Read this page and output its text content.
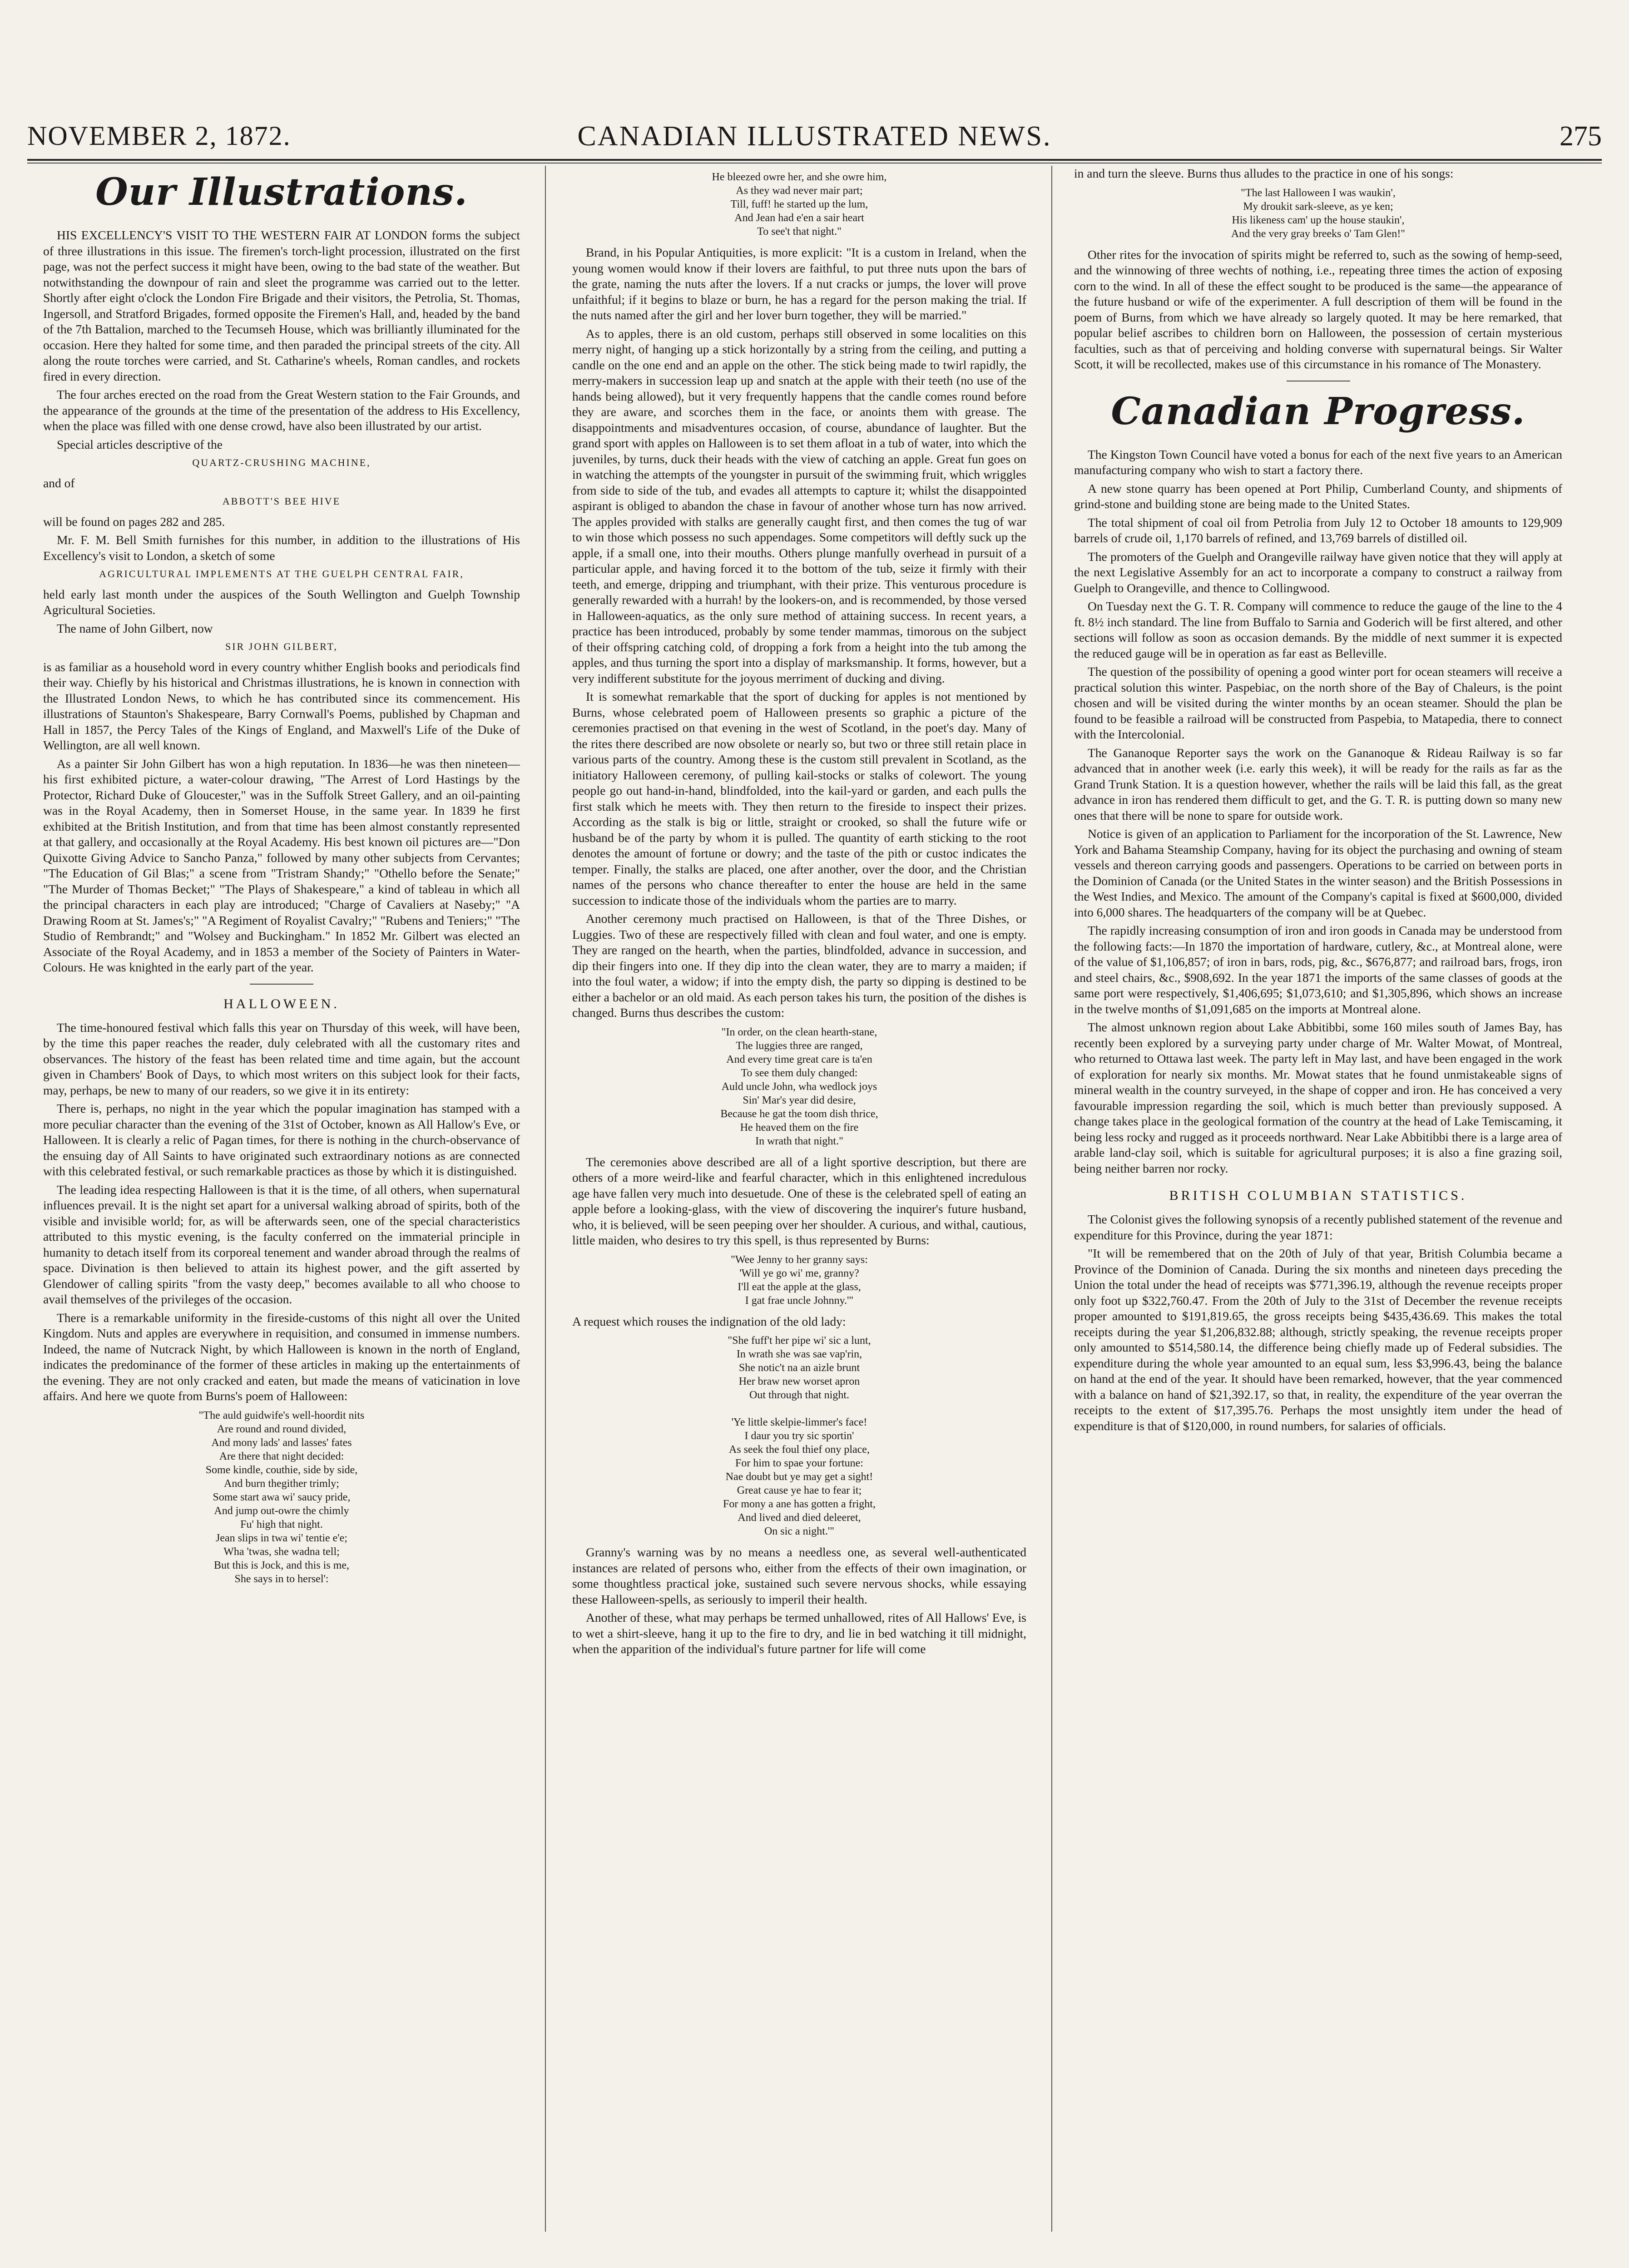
NOVEMBER 2, 1872.	CANADIAN ILLUSTRATED NEWS.	275
Our Illustrations.

HIS EXCELLENCY'S VISIT TO THE WESTERN FAIR AT LONDON forms the subject of three illustrations in this issue. The firemen's torch-light procession, illustrated on the first page, was not the perfect success it might have been, owing to the bad state of the weather. But notwithstanding the downpour of rain and sleet the programme was carried out to the letter. Shortly after eight o'clock the London Fire Brigade and their visitors, the Petrolia, St. Thomas, Ingersoll, and Stratford Brigades, formed opposite the Firemen's Hall, and, headed by the band of the 7th Battalion, marched to the Tecumseh House, which was brilliantly illuminated for the occasion. Here they halted for some time, and then paraded the principal streets of the city. All along the route torches were carried, and St. Catharine's wheels, Roman candles, and rockets fired in every direction.

The four arches erected on the road from the Great Western station to the Fair Grounds, and the appearance of the grounds at the time of the presentation of the address to His Excellency, when the place was filled with one dense crowd, have also been illustrated by our artist.

Special articles descriptive of the

QUARTZ-CRUSHING MACHINE,

and of

ABBOTT'S BEE HIVE

will be found on pages 282 and 285.

Mr. F. M. Bell Smith furnishes for this number, in addition to the illustrations of His Excellency's visit to London, a sketch of some

AGRICULTURAL IMPLEMENTS AT THE GUELPH CENTRAL FAIR,

held early last month under the auspices of the South Wellington and Guelph Township Agricultural Societies.

The name of John Gilbert, now

SIR JOHN GILBERT,

is as familiar as a household word in every country whither English books and periodicals find their way. Chiefly by his historical and Christmas illustrations, he is known in connection with the Illustrated London News, to which he has contributed since its commencement. His illustrations of Staunton's Shakespeare, Barry Cornwall's Poems, published by Chapman and Hall in 1857, the Percy Tales of the Kings of England, and Maxwell's Life of the Duke of Wellington, are all well known.

As a painter Sir John Gilbert has won a high reputation. In 1836—he was then nineteen—his first exhibited picture, a water-colour drawing, "The Arrest of Lord Hastings by the Protector, Richard Duke of Gloucester," was in the Suffolk Street Gallery, and an oil-painting was in the Royal Academy, then in Somerset House, in the same year. In 1839 he first exhibited at the British Institution, and from that time has been almost constantly represented at that gallery, and occasionally at the Royal Academy. His best known oil pictures are—"Don Quixotte Giving Advice to Sancho Panza," followed by many other subjects from Cervantes; "The Education of Gil Blas;" a scene from "Tristram Shandy;" "Othello before the Senate;" "The Murder of Thomas Becket;" "The Plays of Shakespeare," a kind of tableau in which all the principal characters in each play are introduced; "Charge of Cavaliers at Naseby;" "A Drawing Room at St. James's;" "A Regiment of Royalist Cavalry;" "Rubens and Teniers;" "The Studio of Rembrandt;" and "Wolsey and Buckingham." In 1852 Mr. Gilbert was elected an Associate of the Royal Academy, and in 1853 a member of the Society of Painters in Water-Colours. He was knighted in the early part of the year.

HALLOWEEN.

The time-honoured festival which falls this year on Thursday of this week, will have been, by the time this paper reaches the reader, duly celebrated with all the customary rites and observances. The history of the feast has been related time and time again, but the account given in Chambers' Book of Days, to which most writers on this subject look for their facts, may, perhaps, be new to many of our readers, so we give it in its entirety:

There is, perhaps, no night in the year which the popular imagination has stamped with a more peculiar character than the evening of the 31st of October, known as All Hallow's Eve, or Halloween. It is clearly a relic of Pagan times, for there is nothing in the church-observance of the ensuing day of All Saints to have originated such extraordinary notions as are connected with this celebrated festival, or such remarkable practices as those by which it is distinguished.

The leading idea respecting Halloween is that it is the time, of all others, when supernatural influences prevail. It is the night set apart for a universal walking abroad of spirits, both of the visible and invisible world; for, as will be afterwards seen, one of the special characteristics attributed to this mystic evening, is the faculty conferred on the immaterial principle in humanity to detach itself from its corporeal tenement and wander abroad through the realms of space. Divination is then believed to attain its highest power, and the gift asserted by Glendower of calling spirits "from the vasty deep," becomes available to all who choose to avail themselves of the privileges of the occasion.

There is a remarkable uniformity in the fireside-customs of this night all over the United Kingdom. Nuts and apples are everywhere in requisition, and consumed in immense numbers. Indeed, the name of Nutcrack Night, by which Halloween is known in the north of England, indicates the predominance of the former of these articles in making up the entertainments of the evening. They are not only cracked and eaten, but made the means of vaticination in love affairs. And here we quote from Burns's poem of Halloween:

"The auld guidwife's well-hoordit nits
Are round and round divided,
And mony lads' and lasses' fates
Are there that night decided:
Some kindle, couthie, side by side,
And burn thegither trimly;
Some start awa wi' saucy pride,
And jump out-owre the chimly
Fu' high that night.
Jean slips in twa wi' tentie e'e;
Wha 'twas, she wadna tell;
But this is Jock, and this is me,
She says in to hersel':
He bleezed owre her, and she owre him,
As they wad never mair part;
Till, fuff! he started up the lum,
And Jean had e'en a sair heart
To see't that night."

Brand, in his Popular Antiquities, is more explicit: "It is a custom in Ireland, when the young women would know if their lovers are faithful, to put three nuts upon the bars of the grate, naming the nuts after the lovers. If a nut cracks or jumps, the lover will prove unfaithful; if it begins to blaze or burn, he has a regard for the person making the trial. If the nuts named after the girl and her lover burn together, they will be married."

As to apples, there is an old custom, perhaps still observed in some localities on this merry night, of hanging up a stick horizontally by a string from the ceiling, and putting a candle on the one end and an apple on the other. The stick being made to twirl rapidly, the merry-makers in succession leap up and snatch at the apple with their teeth (no use of the hands being allowed), but it very frequently happens that the candle comes round before they are aware, and scorches them in the face, or anoints them with grease. The disappointments and misadventures occasion, of course, abundance of laughter. But the grand sport with apples on Halloween is to set them afloat in a tub of water, into which the juveniles, by turns, duck their heads with the view of catching an apple. Great fun goes on in watching the attempts of the youngster in pursuit of the swimming fruit, which wriggles from side to side of the tub, and evades all attempts to capture it; whilst the disappointed aspirant is obliged to abandon the chase in favour of another whose turn has now arrived. The apples provided with stalks are generally caught first, and then comes the tug of war to win those which possess no such appendages. Some competitors will deftly suck up the apple, if a small one, into their mouths. Others plunge manfully overhead in pursuit of a particular apple, and having forced it to the bottom of the tub, seize it firmly with their teeth, and emerge, dripping and triumphant, with their prize. This venturous procedure is generally rewarded with a hurrah! by the lookers-on, and is recommended, by those versed in Halloween-aquatics, as the only sure method of attaining success. In recent years, a practice has been introduced, probably by some tender mammas, timorous on the subject of their offspring catching cold, of dropping a fork from a height into the tub among the apples, and thus turning the sport into a display of marksmanship. It forms, however, but a very indifferent substitute for the joyous merriment of ducking and diving.

It is somewhat remarkable that the sport of ducking for apples is not mentioned by Burns, whose celebrated poem of Halloween presents so graphic a picture of the ceremonies practised on that evening in the west of Scotland, in the poet's day. Many of the rites there described are now obsolete or nearly so, but two or three still retain place in various parts of the country. Among these is the custom still prevalent in Scotland, as the initiatory Halloween ceremony, of pulling kail-stocks or stalks of colewort. The young people go out hand-in-hand, blindfolded, into the kail-yard or garden, and each pulls the first stalk which he meets with. They then return to the fireside to inspect their prizes. According as the stalk is big or little, straight or crooked, so shall the future wife or husband be of the party by whom it is pulled. The quantity of earth sticking to the root denotes the amount of fortune or dowry; and the taste of the pith or custoc indicates the temper. Finally, the stalks are placed, one after another, over the door, and the Christian names of the persons who chance thereafter to enter the house are held in the same succession to indicate those of the individuals whom the parties are to marry.

Another ceremony much practised on Halloween, is that of the Three Dishes, or Luggies. Two of these are respectively filled with clean and foul water, and one is empty. They are ranged on the hearth, when the parties, blindfolded, advance in succession, and dip their fingers into one. If they dip into the clean water, they are to marry a maiden; if into the foul water, a widow; if into the empty dish, the party so dipping is destined to be either a bachelor or an old maid. As each person takes his turn, the position of the dishes is changed. Burns thus describes the custom:

"In order, on the clean hearth-stane,
The luggies three are ranged,
And every time great care is ta'en
To see them duly changed:
Auld uncle John, wha wedlock joys
Sin' Mar's year did desire,
Because he gat the toom dish thrice,
He heaved them on the fire
In wrath that night."

The ceremonies above described are all of a light sportive description, but there are others of a more weird-like and fearful character, which in this enlightened incredulous age have fallen very much into desuetude. One of these is the celebrated spell of eating an apple before a looking-glass, with the view of discovering the inquirer's future husband, who, it is believed, will be seen peeping over her shoulder. A curious, and withal, cautious, little maiden, who desires to try this spell, is thus represented by Burns:

"Wee Jenny to her granny says:
'Will ye go wi' me, granny?
I'll eat the apple at the glass,
I gat frae uncle Johnny.'"

A request which rouses the indignation of the old lady:

"She fuff't her pipe wi' sic a lunt,
In wrath she was sae vap'rin,
She notic't na an aizle brunt
Her braw new worset apron
Out through that night.

'Ye little skelpie-limmer's face!
I daur you try sic sportin'
As seek the foul thief ony place,
For him to spae your fortune:
Nae doubt but ye may get a sight!
Great cause ye hae to fear it;
For mony a ane has gotten a fright,
And lived and died deleeret,
On sic a night.'"

Granny's warning was by no means a needless one, as several well-authenticated instances are related of persons who, either from the effects of their own imagination, or some thoughtless practical joke, sustained such severe nervous shocks, while essaying these Halloween-spells, as seriously to imperil their health.

Another of these, what may perhaps be termed unhallowed, rites of All Hallows' Eve, is to wet a shirt-sleeve, hang it up to the fire to dry, and lie in bed watching it till midnight, when the apparition of the individual's future partner for life will come

in and turn the sleeve. Burns thus alludes to the practice in one of his songs:

"The last Halloween I was waukin',
My droukit sark-sleeve, as ye ken;
His likeness cam' up the house staukin',
And the very gray breeks o' Tam Glen!"

Other rites for the invocation of spirits might be referred to, such as the sowing of hemp-seed, and the winnowing of three wechts of nothing, i.e., repeating three times the action of exposing corn to the wind. In all of these the effect sought to be produced is the same—the appearance of the future husband or wife of the experimenter. A full description of them will be found in the poem of Burns, from which we have already so largely quoted. It may be here remarked, that popular belief ascribes to children born on Halloween, the possession of certain mysterious faculties, such as that of perceiving and holding converse with supernatural beings. Sir Walter Scott, it will be recollected, makes use of this circumstance in his romance of The Monastery.

Canadian Progress.

The Kingston Town Council have voted a bonus for each of the next five years to an American manufacturing company who wish to start a factory there.

A new stone quarry has been opened at Port Philip, Cumberland County, and shipments of grind-stone and building stone are being made to the United States.

The total shipment of coal oil from Petrolia from July 12 to October 18 amounts to 129,909 barrels of crude oil, 1,170 barrels of refined, and 13,769 barrels of distilled oil.

The promoters of the Guelph and Orangeville railway have given notice that they will apply at the next Legislative Assembly for an act to incorporate a company to construct a railway from Guelph to Orangeville, and thence to Collingwood.

On Tuesday next the G. T. R. Company will commence to reduce the gauge of the line to the 4 ft. 8½ inch standard. The line from Buffalo to Sarnia and Goderich will be first altered, and other sections will follow as soon as occasion demands. By the middle of next summer it is expected the reduced gauge will be in operation as far east as Belleville.

The question of the possibility of opening a good winter port for ocean steamers will receive a practical solution this winter. Paspebiac, on the north shore of the Bay of Chaleurs, is the point chosen and will be visited during the winter months by an ocean steamer. Should the plan be found to be feasible a railroad will be constructed from Paspebia, to Matapedia, there to connect with the Intercolonial.

The Gananoque Reporter says the work on the Gananoque & Rideau Railway is so far advanced that in another week (i.e. early this week), it will be ready for the rails as far as the Grand Trunk Station. It is a question however, whether the rails will be laid this fall, as the great advance in iron has rendered them difficult to get, and the G. T. R. is putting down so many new ones that there will be none to spare for outside work.

Notice is given of an application to Parliament for the incorporation of the St. Lawrence, New York and Bahama Steamship Company, having for its object the purchasing and owning of steam vessels and thereon carrying goods and passengers. Operations to be carried on between ports in the Dominion of Canada (or the United States in the winter season) and the British Possessions in the West Indies, and Mexico. The amount of the Company's capital is fixed at $600,000, divided into 6,000 shares. The headquarters of the company will be at Quebec.

The rapidly increasing consumption of iron and iron goods in Canada may be understood from the following facts:—In 1870 the importation of hardware, cutlery, &c., at Montreal alone, were of the value of $1,106,857; of iron in bars, rods, pig, &c., $676,877; and railroad bars, frogs, iron and steel chairs, &c., $908,692. In the year 1871 the imports of the same classes of goods at the same port were respectively, $1,406,695; $1,073,610; and $1,305,896, which shows an increase in the twelve months of $1,091,685 on the imports at Montreal alone.

The almost unknown region about Lake Abbitibbi, some 160 miles south of James Bay, has recently been explored by a surveying party under charge of Mr. Walter Mowat, of Montreal, who returned to Ottawa last week. The party left in May last, and have been engaged in the work of exploration for nearly six months. Mr. Mowat states that he found unmistakeable signs of mineral wealth in the country surveyed, in the shape of copper and iron. He has conceived a very favourable impression regarding the soil, which is much better than previously supposed. A change takes place in the geological formation of the country at the head of Lake Temiscaming, it being less rocky and rugged as it proceeds northward. Near Lake Abbitibbi there is a large area of arable land-clay soil, which is suitable for agricultural purposes; it is also a fine grazing soil, being neither barren nor rocky.

BRITISH COLUMBIAN STATISTICS.

The Colonist gives the following synopsis of a recently published statement of the revenue and expenditure for this Province, during the year 1871:

"It will be remembered that on the 20th of July of that year, British Columbia became a Province of the Dominion of Canada. During the six months and nineteen days preceding the Union the total under the head of receipts was $771,396.19, although the revenue receipts proper only foot up $322,760.47. From the 20th of July to the 31st of December the revenue receipts proper amounted to $191,819.65, the gross receipts being $435,436.69. This makes the total receipts during the year $1,206,832.88; although, strictly speaking, the revenue receipts proper only amounted to $514,580.14, the difference being chiefly made up of Federal subsidies. The expenditure during the whole year amounted to an equal sum, less $3,996.43, being the balance on hand at the end of the year. It should have been remarked, however, that the year commenced with a balance on hand of $21,392.17, so that, in reality, the expenditure of the year overran the receipts to the extent of $17,395.76. Perhaps the most unsightly item under the head of expenditure is that of $120,000, in round numbers, for salaries of officials.
